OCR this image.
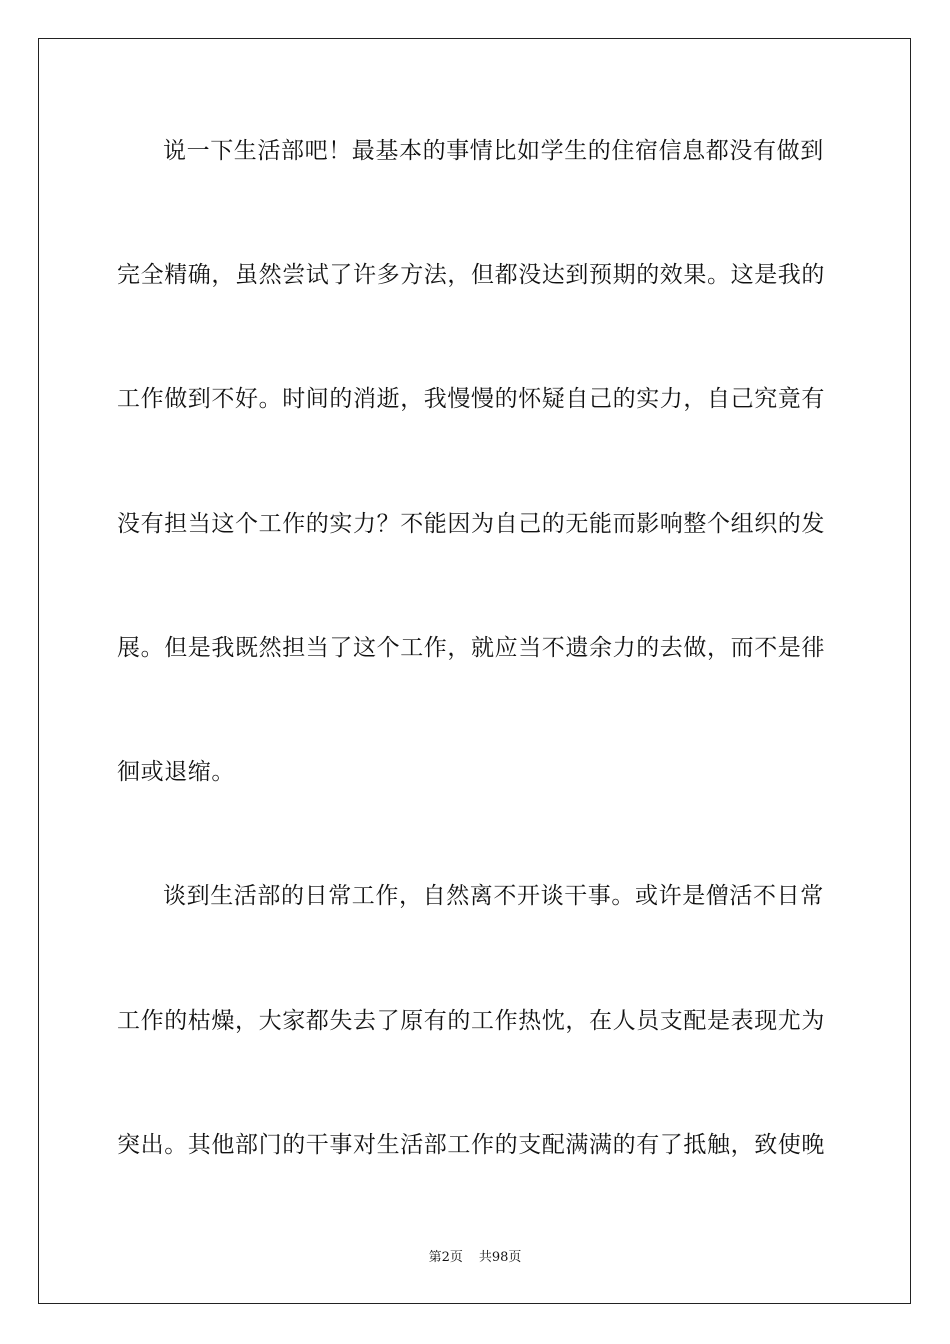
说一下生活部吧！最基本的事情比如学生的住宿信息都没有做到
完全精确，虽然尝试了许多方法，但都没达到预期的效果。这是我的
工作做到不好。时间的消逝，我慢慢的怀疑自己的实力，自己究竟有
没有担当这个工作的实力？不能因为自己的无能而影响整个组织的发
展。但是我既然担当了这个工作，就应当不遗余力的去做，而不是徘
徊或退缩。
谈到生活部的日常工作，自然离不开谈干事。或许是僧活不日常
工作的枯燥，大家都失去了原有的工作热忱，在人员支配是表现尤为
突出。其他部门的干事对生活部工作的支配满满的有了抵触，致使晚
第2页 共98页
